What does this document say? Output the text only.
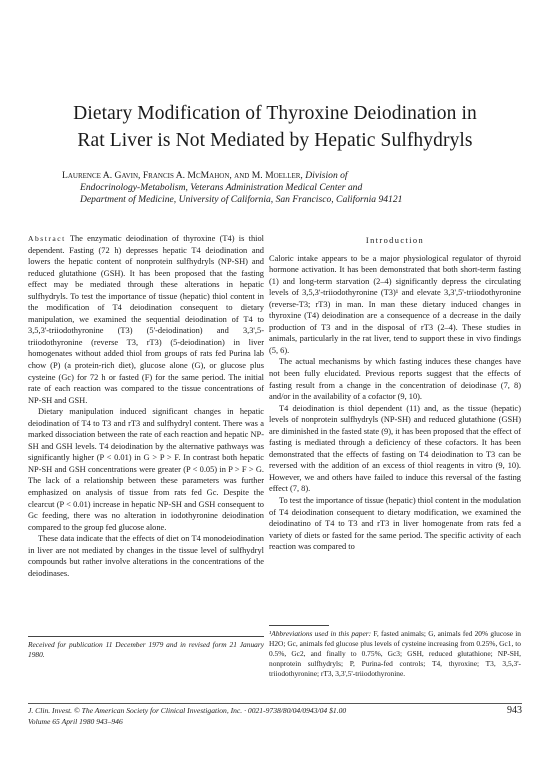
Dietary Modification of Thyroxine Deiodination in
Rat Liver is Not Mediated by Hepatic Sulfhydryls
Laurence A. Gavin, Francis A. McMahon, and M. Moeller, Division of
Endocrinology-Metabolism, Veterans Administration Medical Center and
Department of Medicine, University of California, San Francisco, California 94121

Abstract The enzymatic deiodination of thyroxine (T4) is thiol dependent. Fasting (72 h) depresses hepatic T4 deiodination and lowers the hepatic content of nonprotein sulfhydryls (NP-SH) and reduced glutathione (GSH). It has been proposed that the fasting effect may be mediated through these alterations in hepatic sulfhydryls. To test the importance of tissue (hepatic) thiol content in the modification of T4 deiodination consequent to dietary manipulation, we examined the sequential deiodination of T4 to 3,5,3'-triiodothyronine (T3) (5'-deiodination) and 3,3',5-triiodothyronine (reverse T3, rT3) (5-deiodination) in liver homogenates without added thiol from groups of rats fed Purina lab chow (P) (a protein-rich diet), glucose alone (G), or glucose plus cysteine (Gc) for 72 h or fasted (F) for the same period. The initial rate of each reaction was compared to the tissue concentrations of NP-SH and GSH.

Dietary manipulation induced significant changes in hepatic deiodination of T4 to T3 and rT3 and sulfhydryl content. There was a marked dissociation between the rate of each reaction and hepatic NP-SH and GSH levels. T4 deiodination by the alternative pathways was significantly higher (P < 0.01) in G > P > F. In contrast both hepatic NP-SH and GSH concentrations were greater (P < 0.05) in P > F > G. The lack of a relationship between these parameters was further emphasized on analysis of tissue from rats fed Gc. Despite the clearcut (P < 0.01) increase in hepatic NP-SH and GSH consequent to Gc feeding, there was no alteration in iodothyronine deiodination compared to the group fed glucose alone.

These data indicate that the effects of diet on T4 monodeiodination in liver are not mediated by changes in the tissue level of sulfhydryl compounds but rather involve alterations in the concentrations of the deiodinases.

Received for publication 11 December 1979 and in revised form 21 January 1980.
Introduction

Caloric intake appears to be a major physiological regulator of thyroid hormone activation. It has been demonstrated that both short-term fasting (1) and long-term starvation (2–4) significantly depress the circulating levels of 3,5,3'-triiodothyronine (T3)¹ and elevate 3,3',5'-triiodothyronine (reverse-T3; rT3) in man. In man these dietary induced changes in thyroxine (T4) deiodination are a consequence of a decrease in the daily production of T3 and in the disposal of rT3 (2–4). These studies in animals, particularly in the rat liver, tend to support these in vivo findings (5, 6).

The actual mechanisms by which fasting induces these changes have not been fully elucidated. Previous reports suggest that the effects of fasting result from a change in the concentration of deiodinase (7, 8) and/or in the availability of a cofactor (9, 10).

T4 deiodination is thiol dependent (11) and, as the tissue (hepatic) levels of nonprotein sulfhydryls (NP-SH) and reduced glutathione (GSH) are diminished in the fasted state (9), it has been proposed that the effect of fasting is mediated through a deficiency of these cofactors. It has been demonstrated that the effects of fasting on T4 deiodination to T3 can be reversed with the addition of an excess of thiol reagents in vitro (9, 10). However, we and others have failed to induce this reversal of the fasting effect (7, 8).

To test the importance of tissue (hepatic) thiol content in the modulation of T4 deiodination consequent to dietary modification, we examined the deiodinatino of T4 to T3 and rT3 in liver homogenate from rats fed a variety of diets or fasted for the same period. The specific activity of each reaction was compared to

¹Abbreviations used in this paper: F, fasted animals; G, animals fed 20% glucose in H2O; Gc, animals fed glucose plus levels of cysteine increasing from 0.25%, Gc1, to 0.5%, Gc2, and finally to 0.75%, Gc3; GSH, reduced glutathione; NP-SH, nonprotein sulfhydryls; P, Purina-fed controls; T4, thyroxine; T3, 3,5,3'-triiodothyronine; rT3, 3,3',5'-triiodothyronine.
J. Clin. Invest. © The American Society for Clinical Investigation, Inc. · 0021-9738/80/04/0943/04 $1.00
Volume 65 April 1980 943–946
943
